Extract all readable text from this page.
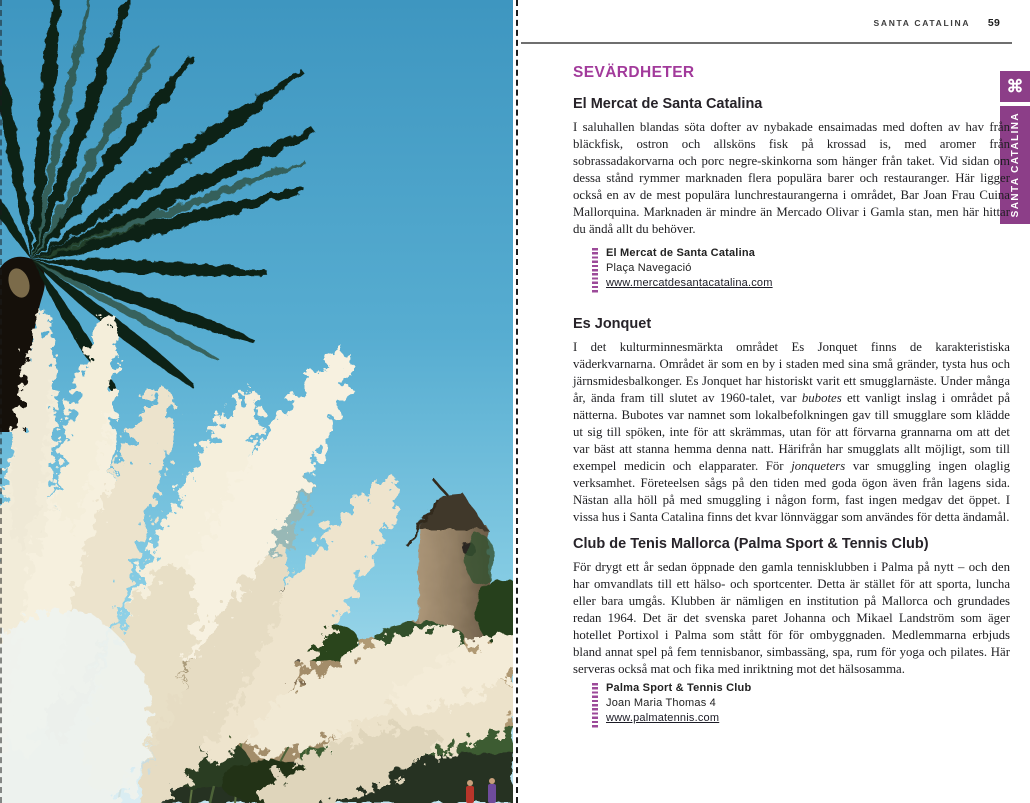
SANTA CATALINA 59
⌘
SANTA CATALINA
SEVÄRDHETER
El Mercat de Santa Catalina

I saluhallen blandas söta dofter av nybakade ensaimadas med doften av hav från bläckfisk, ostron och allsköns fisk på krossad is, med aromer från sobrassadakorvarna och porc negre-skinkorna som hänger från taket. Vid sidan om dessa stånd rymmer marknaden flera populära barer och restauranger. Här ligger också en av de mest populära lunchrestaurangerna i området, Bar Joan Frau Cuina Mallorquina. Marknaden är mindre än Mercado Olivar i Gamla stan, men här hittar du ändå allt du behöver.

El Mercat de Santa Catalina
Plaça Navegació
www.mercatdesantacatalina.com
Es Jonquet

I det kulturminnesmärkta området Es Jonquet finns de karakteristiska väderkvarnarna. Området är som en by i staden med sina små gränder, tysta hus och järnsmidesbalkonger. Es Jonquet har historiskt varit ett smugglarnäste. Under många år, ända fram till slutet av 1960-talet, var bubotes ett vanligt inslag i området på nätterna. Bubotes var namnet som lokalbefolkningen gav till smugglare som klädde ut sig till spöken, inte för att skrämmas, utan för att förvarna grannarna om att det var bäst att stanna hemma denna natt. Härifrån har smugglats allt möjligt, som till exempel medicin och elapparater. För jonqueters var smuggling ingen olaglig verksamhet. Företeelsen sågs på den tiden med goda ögon även från lagens sida. Nästan alla höll på med smuggling i någon form, fast ingen medgav det öppet. I vissa hus i Santa Catalina finns det kvar lönnväggar som användes för detta ändamål.

Club de Tenis Mallorca (Palma Sport & Tennis Club)

För drygt ett år sedan öppnade den gamla tennisklubben i Palma på nytt – och den har omvandlats till ett hälso- och sportcenter. Detta är stället för att sporta, luncha eller bara umgås. Klubben är nämligen en institution på Mallorca och grundades redan 1964. Det är det svenska paret Johanna och Mikael Landström som äger hotellet Portixol i Palma som stått för för ombyggnaden. Medlemmarna erbjuds bland annat spel på fem tennisbanor, simbassäng, spa, rum för yoga och pilates. Här serveras också mat och fika med inriktning mot det hälsosamma.

Palma Sport & Tennis Club
Joan Maria Thomas 4
www.palmatennis.com
